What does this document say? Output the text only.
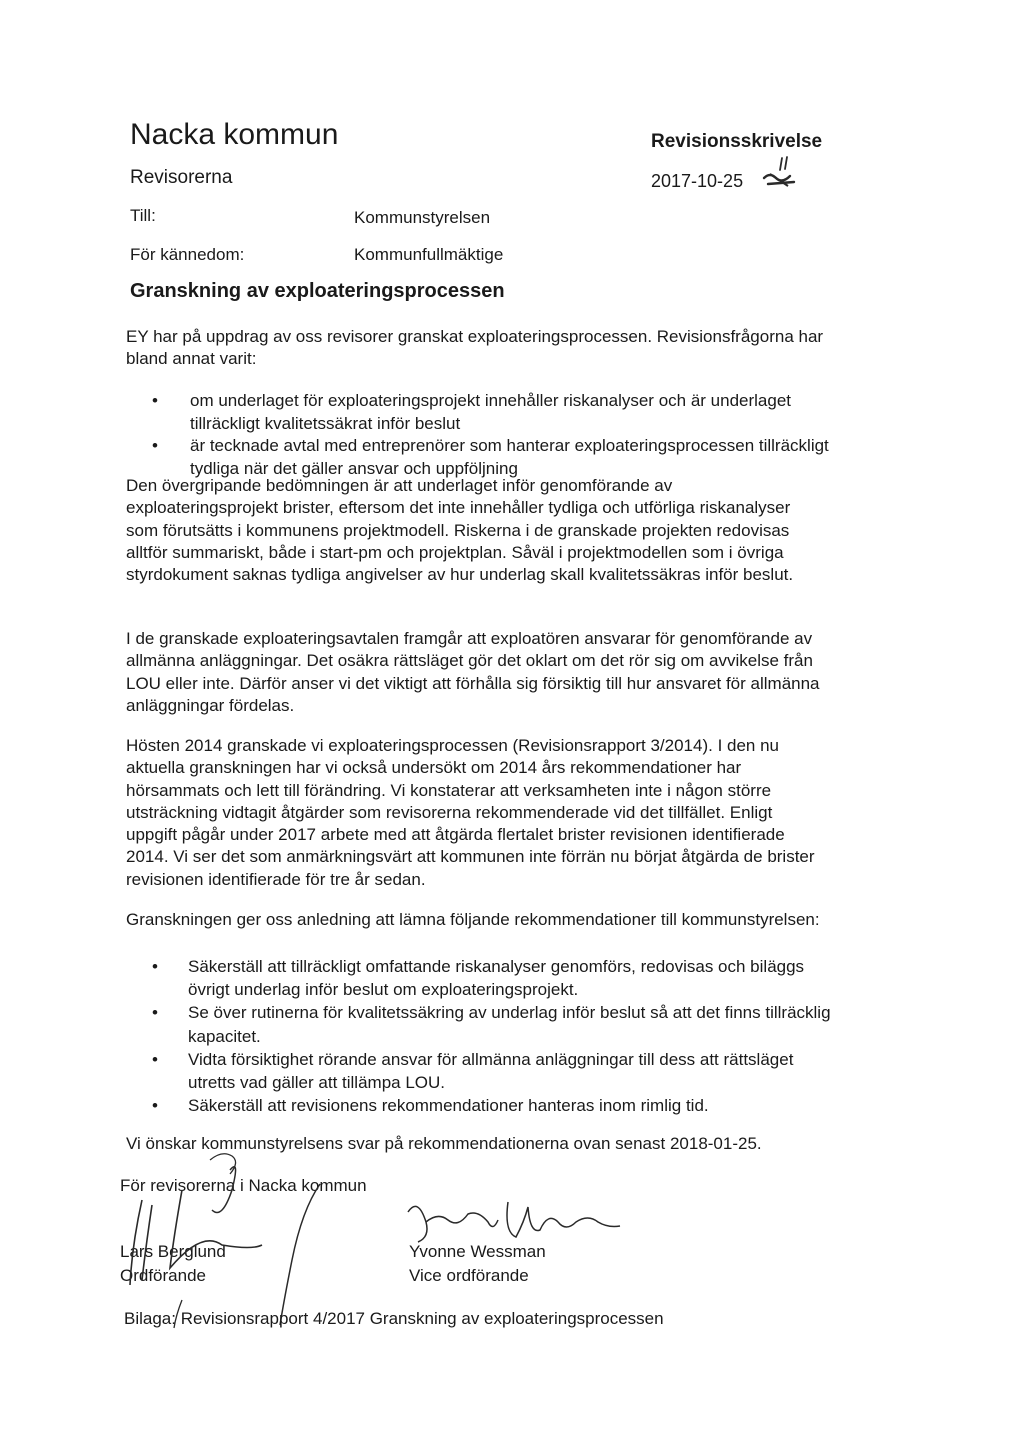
Nacka kommun
Revisorerna
Revisionsskrivelse
2017-10-25
Till:	Kommunstyrelsen
För kännedom:	Kommunfullmäktige
Granskning av exploateringsprocessen
EY har på uppdrag av oss revisorer granskat exploateringsprocessen. Revisionsfrågorna har
bland annat varit:
• om underlaget för exploateringsprojekt innehåller riskanalyser och är underlaget
tillräckligt kvalitetssäkrat inför beslut
• är tecknade avtal med entreprenörer som hanterar exploateringsprocessen tillräckligt
tydliga när det gäller ansvar och uppföljning
Den övergripande bedömningen är att underlaget inför genomförande av
exploateringsprojekt brister, eftersom det inte innehåller tydliga och utförliga riskanalyser
som förutsätts i kommunens projektmodell. Riskerna i de granskade projekten redovisas
alltför summariskt, både i start-pm och projektplan. Såväl i projektmodellen som i övriga
styrdokument saknas tydliga angivelser av hur underlag skall kvalitetssäkras inför beslut.
I de granskade exploateringsavtalen framgår att exploatören ansvarar för genomförande av
allmänna anläggningar. Det osäkra rättsläget gör det oklart om det rör sig om avvikelse från
LOU eller inte. Därför anser vi det viktigt att förhålla sig försiktig till hur ansvaret för allmänna
anläggningar fördelas.
Hösten 2014 granskade vi exploateringsprocessen (Revisionsrapport 3/2014). I den nu
aktuella granskningen har vi också undersökt om 2014 års rekommendationer har
hörsammats och lett till förändring. Vi konstaterar att verksamheten inte i någon större
utsträckning vidtagit åtgärder som revisorerna rekommenderade vid det tillfället. Enligt
uppgift pågår under 2017 arbete med att åtgärda flertalet brister revisionen identifierade
2014. Vi ser det som anmärkningsvärt att kommunen inte förrän nu börjat åtgärda de brister
revisionen identifierade för tre år sedan.
Granskningen ger oss anledning att lämna följande rekommendationer till kommunstyrelsen:
• Säkerställ att tillräckligt omfattande riskanalyser genomförs, redovisas och biläggs
övrigt underlag inför beslut om exploateringsprojekt.
• Se över rutinerna för kvalitetssäkring av underlag inför beslut så att det finns tillräcklig
kapacitet.
• Vidta försiktighet rörande ansvar för allmänna anläggningar till dess att rättsläget
utretts vad gäller att tillämpa LOU.
• Säkerställ att revisionens rekommendationer hanteras inom rimlig tid.
Vi önskar kommunstyrelsens svar på rekommendationerna ovan senast 2018-01-25.
För revisorerna i Nacka kommun
Lars Berglund
Ordförande
Yvonne Wessman
Vice ordförande
Bilaga: Revisionsrapport 4/2017 Granskning av exploateringsprocessen
